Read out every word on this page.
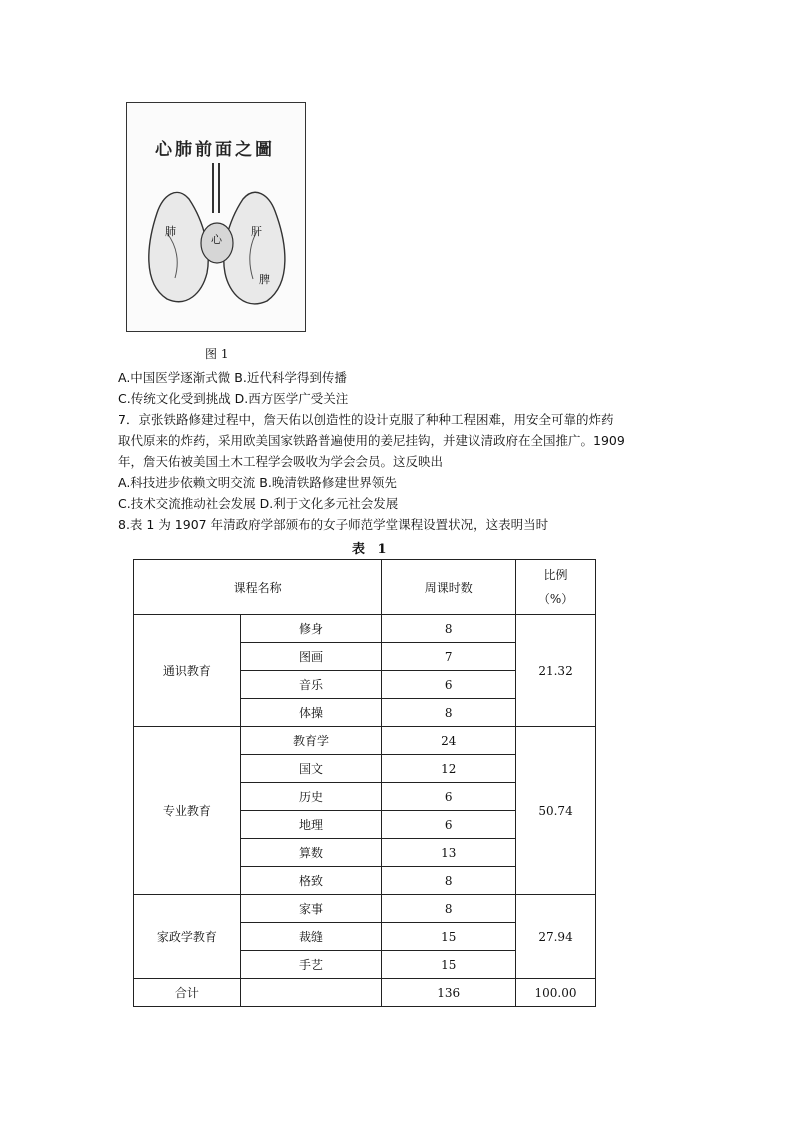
心肺前面之圖
肺
心
肝
脾
图 1
A.中国医学逐渐式微 B.近代科学得到传播
C.传统文化受到挑战 D.西方医学广受关注
7．京张铁路修建过程中，詹天佑以创造性的设计克服了种种工程困难，用安全可靠的炸药
取代原来的炸药，采用欧美国家铁路普遍使用的姜尼挂钩，并建议清政府在全国推广。1909
年，詹天佑被美国土木工程学会吸收为学会会员。这反映出
A.科技进步依赖文明交流 B.晚清铁路修建世界领先
C.技术交流推动社会发展 D.利于文化多元社会发展
8.表 1 为 1907 年清政府学部颁布的女子师范学堂课程设置状况，这表明当时
表 1
课程名称		周课时数	比例
（%）

通识教育	修身	8	21.32
	图画	7	
	音乐	6	
	体操	8	
专业教育	教育学	24	50.74
	国文	12	
	历史	6	
	地理	6	
	算数	13	
	格致	8	
家政学教育	家事	8	27.94
	裁缝	15	
	手艺	15	
合计		136	100.00
